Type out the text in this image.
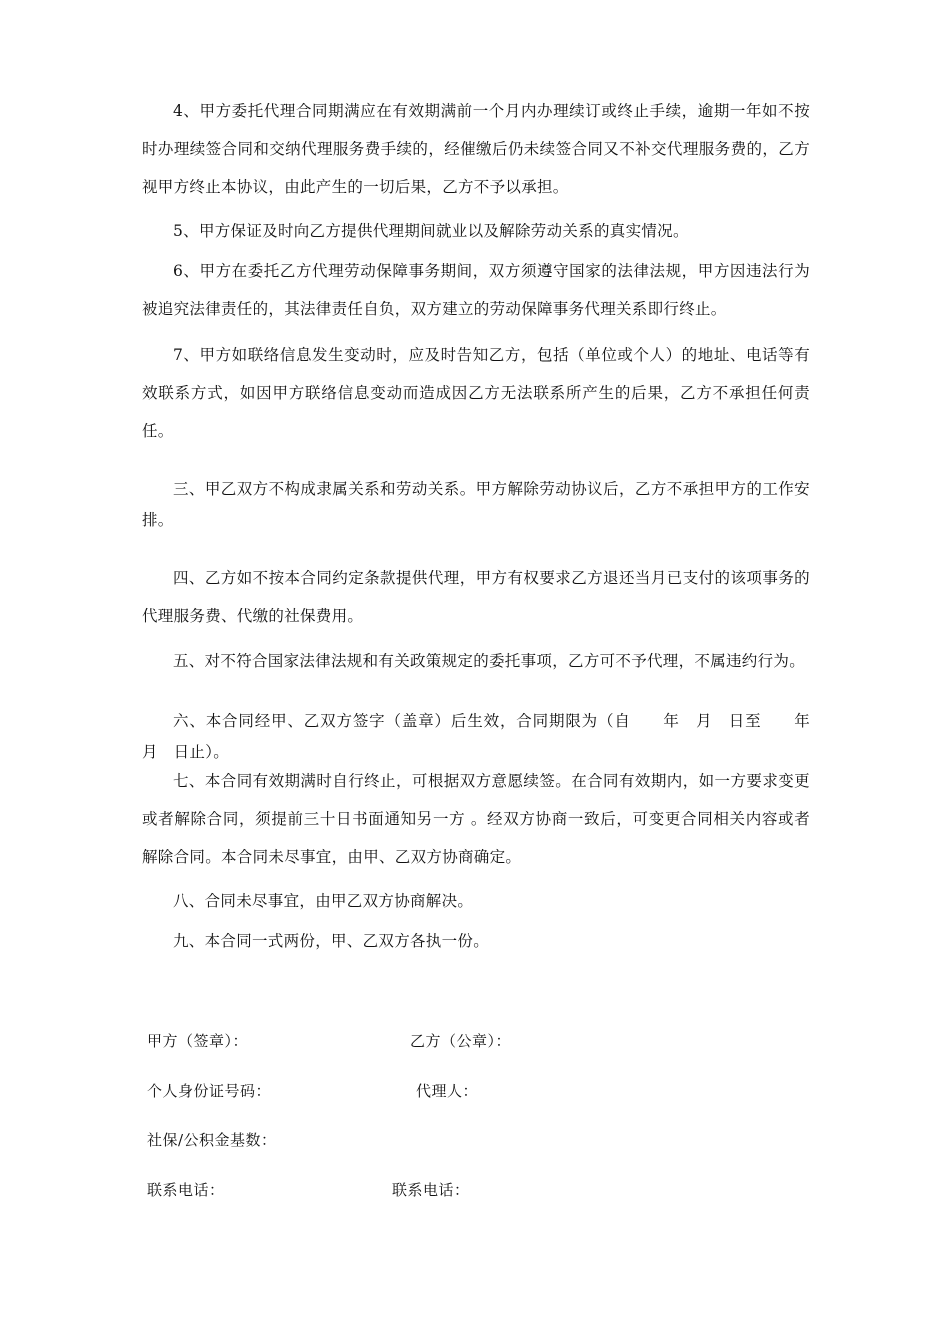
4、甲方委托代理合同期满应在有效期满前一个月内办理续订或终止手续，逾期一年如不按时办理续签合同和交纳代理服务费手续的，经催缴后仍未续签合同又不补交代理服务费的，乙方视甲方终止本协议，由此产生的一切后果，乙方不予以承担。

5、甲方保证及时向乙方提供代理期间就业以及解除劳动关系的真实情况。

6、甲方在委托乙方代理劳动保障事务期间，双方须遵守国家的法律法规，甲方因违法行为被追究法律责任的，其法律责任自负，双方建立的劳动保障事务代理关系即行终止。

7、甲方如联络信息发生变动时，应及时告知乙方，包括（单位或个人）的地址、电话等有效联系方式，如因甲方联络信息变动而造成因乙方无法联系所产生的后果，乙方不承担任何责任。

三、甲乙双方不构成隶属关系和劳动关系。甲方解除劳动协议后，乙方不承担甲方的工作安排。

四、乙方如不按本合同约定条款提供代理，甲方有权要求乙方退还当月已支付的该项事务的代理服务费、代缴的社保费用。

五、对不符合国家法律法规和有关政策规定的委托事项，乙方可不予代理，不属违约行为。

六、本合同经甲、乙双方签字（盖章）后生效，合同期限为（自　　年　月　日至　　年　月　日止）。

七、本合同有效期满时自行终止，可根据双方意愿续签。在合同有效期内，如一方要求变更或者解除合同，须提前三十日书面通知另一方 。经双方协商一致后，可变更合同相关内容或者解除合同。本合同未尽事宜，由甲、乙双方协商确定。

八、合同未尽事宜，由甲乙双方协商解决。

九、本合同一式两份，甲、乙双方各执一份。

甲方（签章）：	乙方（公章）：
个人身份证号码：	代理人：
社保/公积金基数：
联系电话：	联系电话：
